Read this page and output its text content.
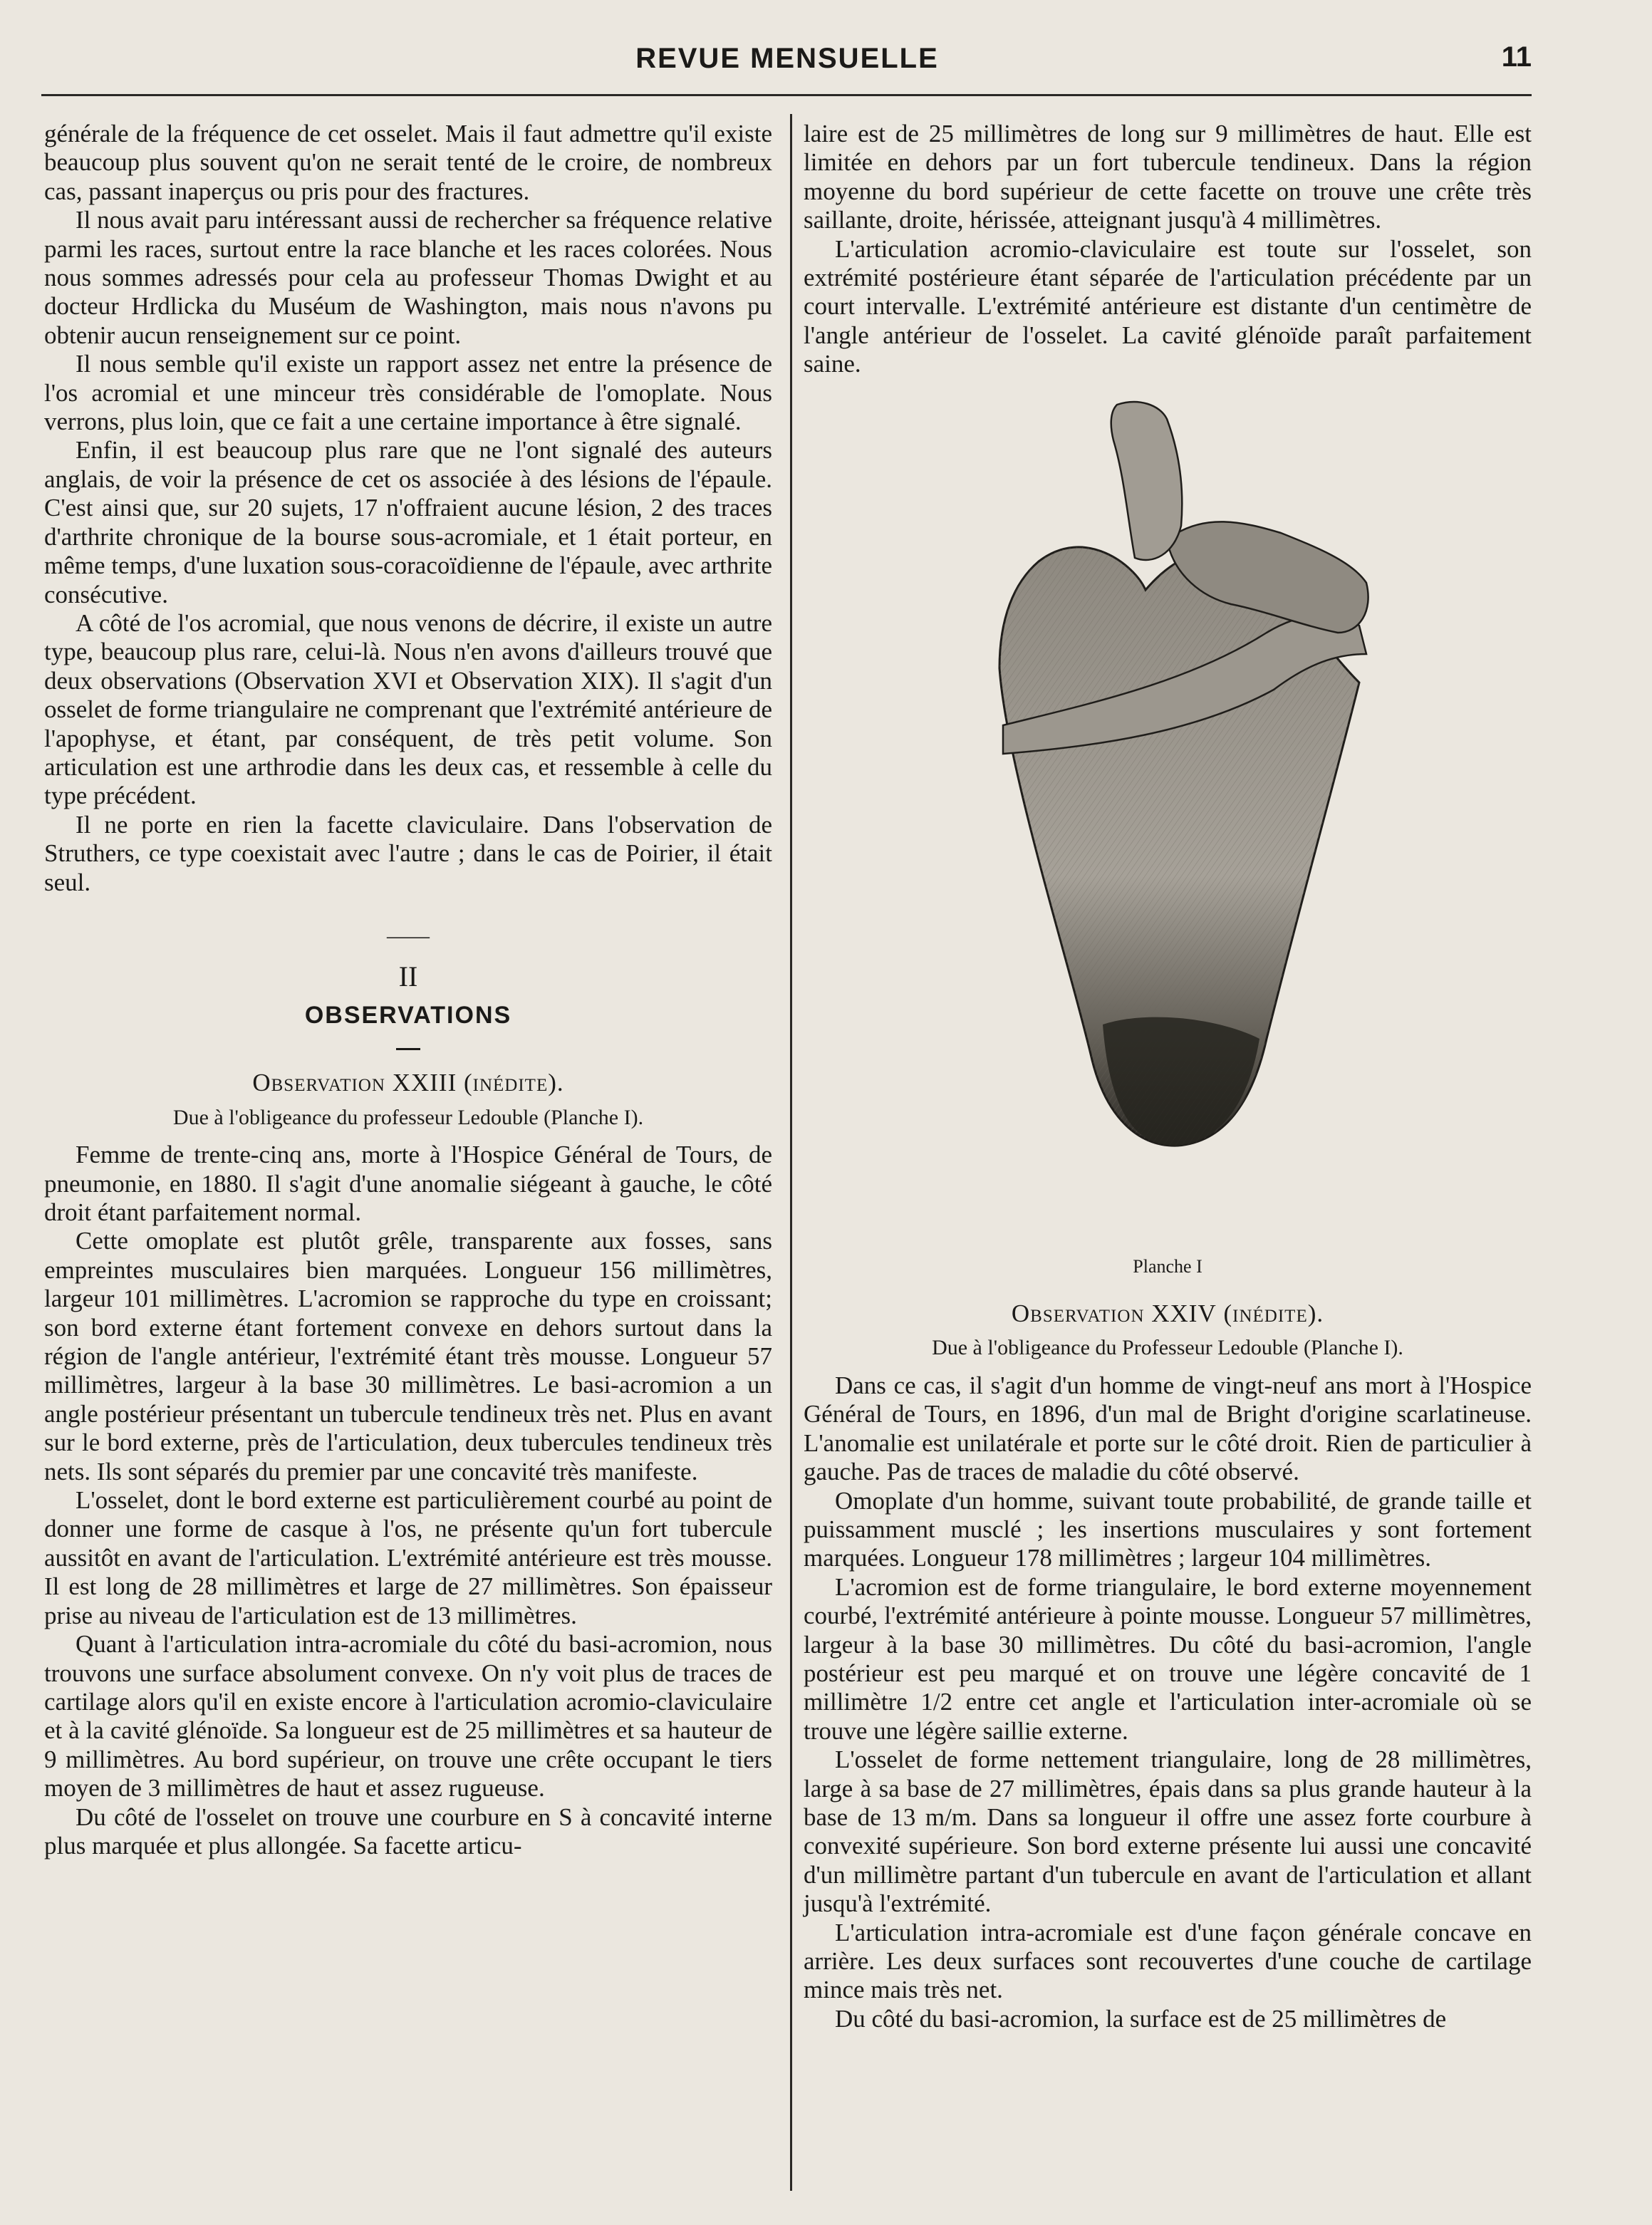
REVUE MENSUELLE	11

générale de la fréquence de cet osselet. Mais il faut admettre qu'il existe beaucoup plus souvent qu'on ne serait tenté de le croire, de nombreux cas, passant inaperçus ou pris pour des fractures.

Il nous avait paru intéressant aussi de rechercher sa fréquence relative parmi les races, surtout entre la race blanche et les races colorées. Nous nous sommes adressés pour cela au professeur Thomas Dwight et au docteur Hrdlicka du Muséum de Washington, mais nous n'avons pu obtenir aucun renseignement sur ce point.

Il nous semble qu'il existe un rapport assez net entre la présence de l'os acromial et une minceur très considérable de l'omoplate. Nous verrons, plus loin, que ce fait a une certaine importance à être signalé.

Enfin, il est beaucoup plus rare que ne l'ont signalé des auteurs anglais, de voir la présence de cet os associée à des lésions de l'épaule. C'est ainsi que, sur 20 sujets, 17 n'offraient aucune lésion, 2 des traces d'arthrite chronique de la bourse sous-acromiale, et 1 était porteur, en même temps, d'une luxation sous-coracoïdienne de l'épaule, avec arthrite consécutive.

A côté de l'os acromial, que nous venons de décrire, il existe un autre type, beaucoup plus rare, celui-là. Nous n'en avons d'ailleurs trouvé que deux observations (Observation XVI et Observation XIX). Il s'agit d'un osselet de forme triangulaire ne comprenant que l'extrémité antérieure de l'apophyse, et étant, par conséquent, de très petit volume. Son articulation est une arthrodie dans les deux cas, et ressemble à celle du type précédent.

Il ne porte en rien la facette claviculaire. Dans l'observation de Struthers, ce type coexistait avec l'autre ; dans le cas de Poirier, il était seul.

——
II
OBSERVATIONS
Observation XXIII (inédite).
Due à l'obligeance du professeur Ledouble (Planche I).

Femme de trente-cinq ans, morte à l'Hospice Général de Tours, de pneumonie, en 1880. Il s'agit d'une anomalie siégeant à gauche, le côté droit étant parfaitement normal.

Cette omoplate est plutôt grêle, transparente aux fosses, sans empreintes musculaires bien marquées. Longueur 156 millimètres, largeur 101 millimètres. L'acromion se rapproche du type en croissant; son bord externe étant fortement convexe en dehors surtout dans la région de l'angle antérieur, l'extrémité étant très mousse. Longueur 57 millimètres, largeur à la base 30 millimètres. Le basi-acromion a un angle postérieur présentant un tubercule tendineux très net. Plus en avant sur le bord externe, près de l'articulation, deux tubercules tendineux très nets. Ils sont séparés du premier par une concavité très manifeste.

L'osselet, dont le bord externe est particulièrement courbé au point de donner une forme de casque à l'os, ne présente qu'un fort tubercule aussitôt en avant de l'articulation. L'extrémité antérieure est très mousse. Il est long de 28 millimètres et large de 27 millimètres. Son épaisseur prise au niveau de l'articulation est de 13 millimètres.

Quant à l'articulation intra-acromiale du côté du basi-acromion, nous trouvons une surface absolument convexe. On n'y voit plus de traces de cartilage alors qu'il en existe encore à l'articulation acromio-claviculaire et à la cavité glénoïde. Sa longueur est de 25 millimètres et sa hauteur de 9 millimètres. Au bord supérieur, on trouve une crête occupant le tiers moyen de 3 millimètres de haut et assez rugueuse.

Du côté de l'osselet on trouve une courbure en S à concavité interne plus marquée et plus allongée. Sa facette articu-

laire est de 25 millimètres de long sur 9 millimètres de haut. Elle est limitée en dehors par un fort tubercule tendineux. Dans la région moyenne du bord supérieur de cette facette on trouve une crête très saillante, droite, hérissée, atteignant jusqu'à 4 millimètres.

L'articulation acromio-claviculaire est toute sur l'osselet, son extrémité postérieure étant séparée de l'articulation précédente par un court intervalle. L'extrémité antérieure est distante d'un centimètre de l'angle antérieur de l'osselet. La cavité glénoïde paraît parfaitement saine.

Planche I
Observation XXIV (inédite).
Due à l'obligeance du Professeur Ledouble (Planche I).

Dans ce cas, il s'agit d'un homme de vingt-neuf ans mort à l'Hospice Général de Tours, en 1896, d'un mal de Bright d'origine scarlatineuse. L'anomalie est unilatérale et porte sur le côté droit. Rien de particulier à gauche. Pas de traces de maladie du côté observé.

Omoplate d'un homme, suivant toute probabilité, de grande taille et puissamment musclé ; les insertions musculaires y sont fortement marquées. Longueur 178 millimètres ; largeur 104 millimètres.

L'acromion est de forme triangulaire, le bord externe moyennement courbé, l'extrémité antérieure à pointe mousse. Longueur 57 millimètres, largeur à la base 30 millimètres. Du côté du basi-acromion, l'angle postérieur est peu marqué et on trouve une légère concavité de 1 millimètre 1/2 entre cet angle et l'articulation inter-acromiale où se trouve une légère saillie externe.

L'osselet de forme nettement triangulaire, long de 28 millimètres, large à sa base de 27 millimètres, épais dans sa plus grande hauteur à la base de 13 m/m. Dans sa longueur il offre une assez forte courbure à convexité supérieure. Son bord externe présente lui aussi une concavité d'un millimètre partant d'un tubercule en avant de l'articulation et allant jusqu'à l'extrémité.

L'articulation intra-acromiale est d'une façon générale concave en arrière. Les deux surfaces sont recouvertes d'une couche de cartilage mince mais très net.

Du côté du basi-acromion, la surface est de 25 millimètres de
